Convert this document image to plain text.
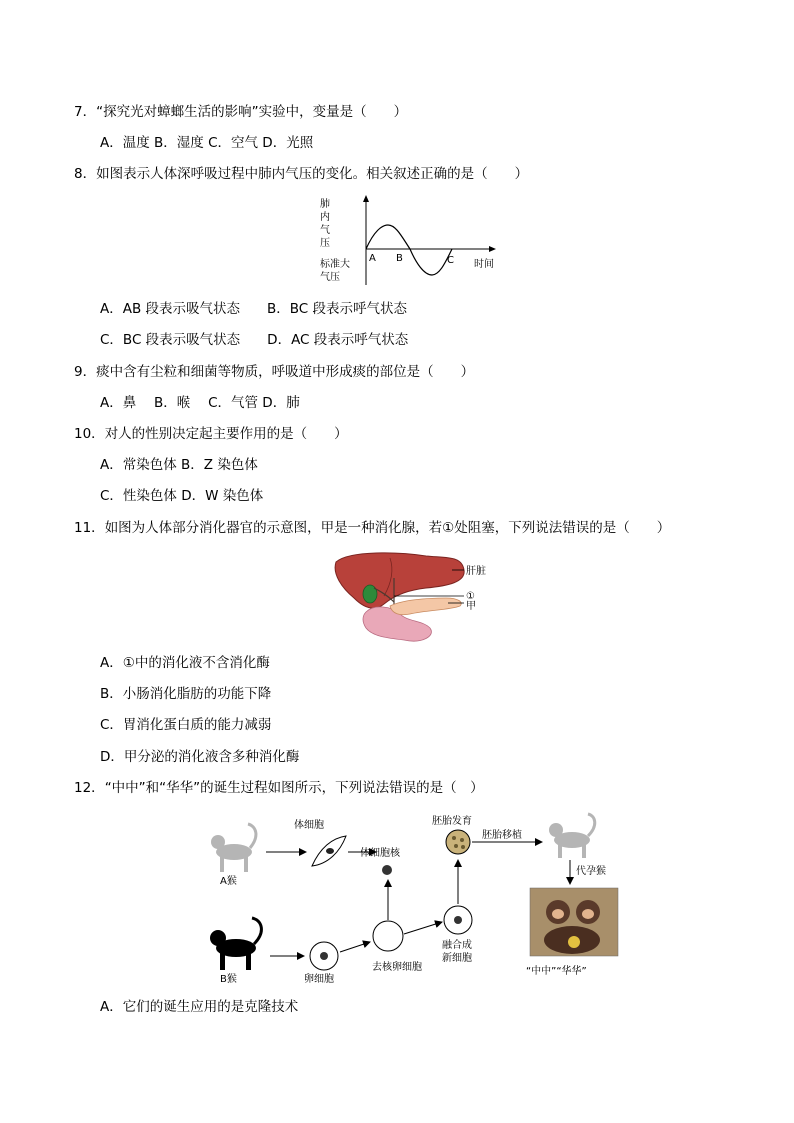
7．“探究光对蟑螂生活的影响”实验中，变量是（　　）
A．温度 B．湿度 C．空气 D．光照
8．如图表示人体深呼吸过程中肺内气压的变化。相关叙述正确的是（　　）
肺
内
气
压
标准大
气压
A B	C 时间
A．AB 段表示吸气状态　　B．BC 段表示呼气状态
C．BC 段表示吸气状态　　D．AC 段表示呼气状态
9．痰中含有尘粒和细菌等物质，呼吸道中形成痰的部位是（　　）
A．鼻　 B．喉　 C．气管 D．肺
10．对人的性别决定起主要作用的是（　　）
A．常染色体 B．Z 染色体
C．性染色体 D．W 染色体
11．如图为人体部分消化器官的示意图，甲是一种消化腺，若①处阻塞，下列说法错误的是（　　）
肝脏
①
甲
A．①中的消化液不含消化酶
B．小肠消化脂肪的功能下降
C．胃消化蛋白质的能力减弱
D．甲分泌的消化液含多种消化酶
12．“中中”和“华华”的诞生过程如图所示，下列说法错误的是（　）
A猴
体细胞
体细胞核
胚胎发育
胚胎移植
代孕猴
“中中”“华华”
B猴	卵细胞
去核卵细胞
融合成
新细胞
A．它们的诞生应用的是克隆技术
